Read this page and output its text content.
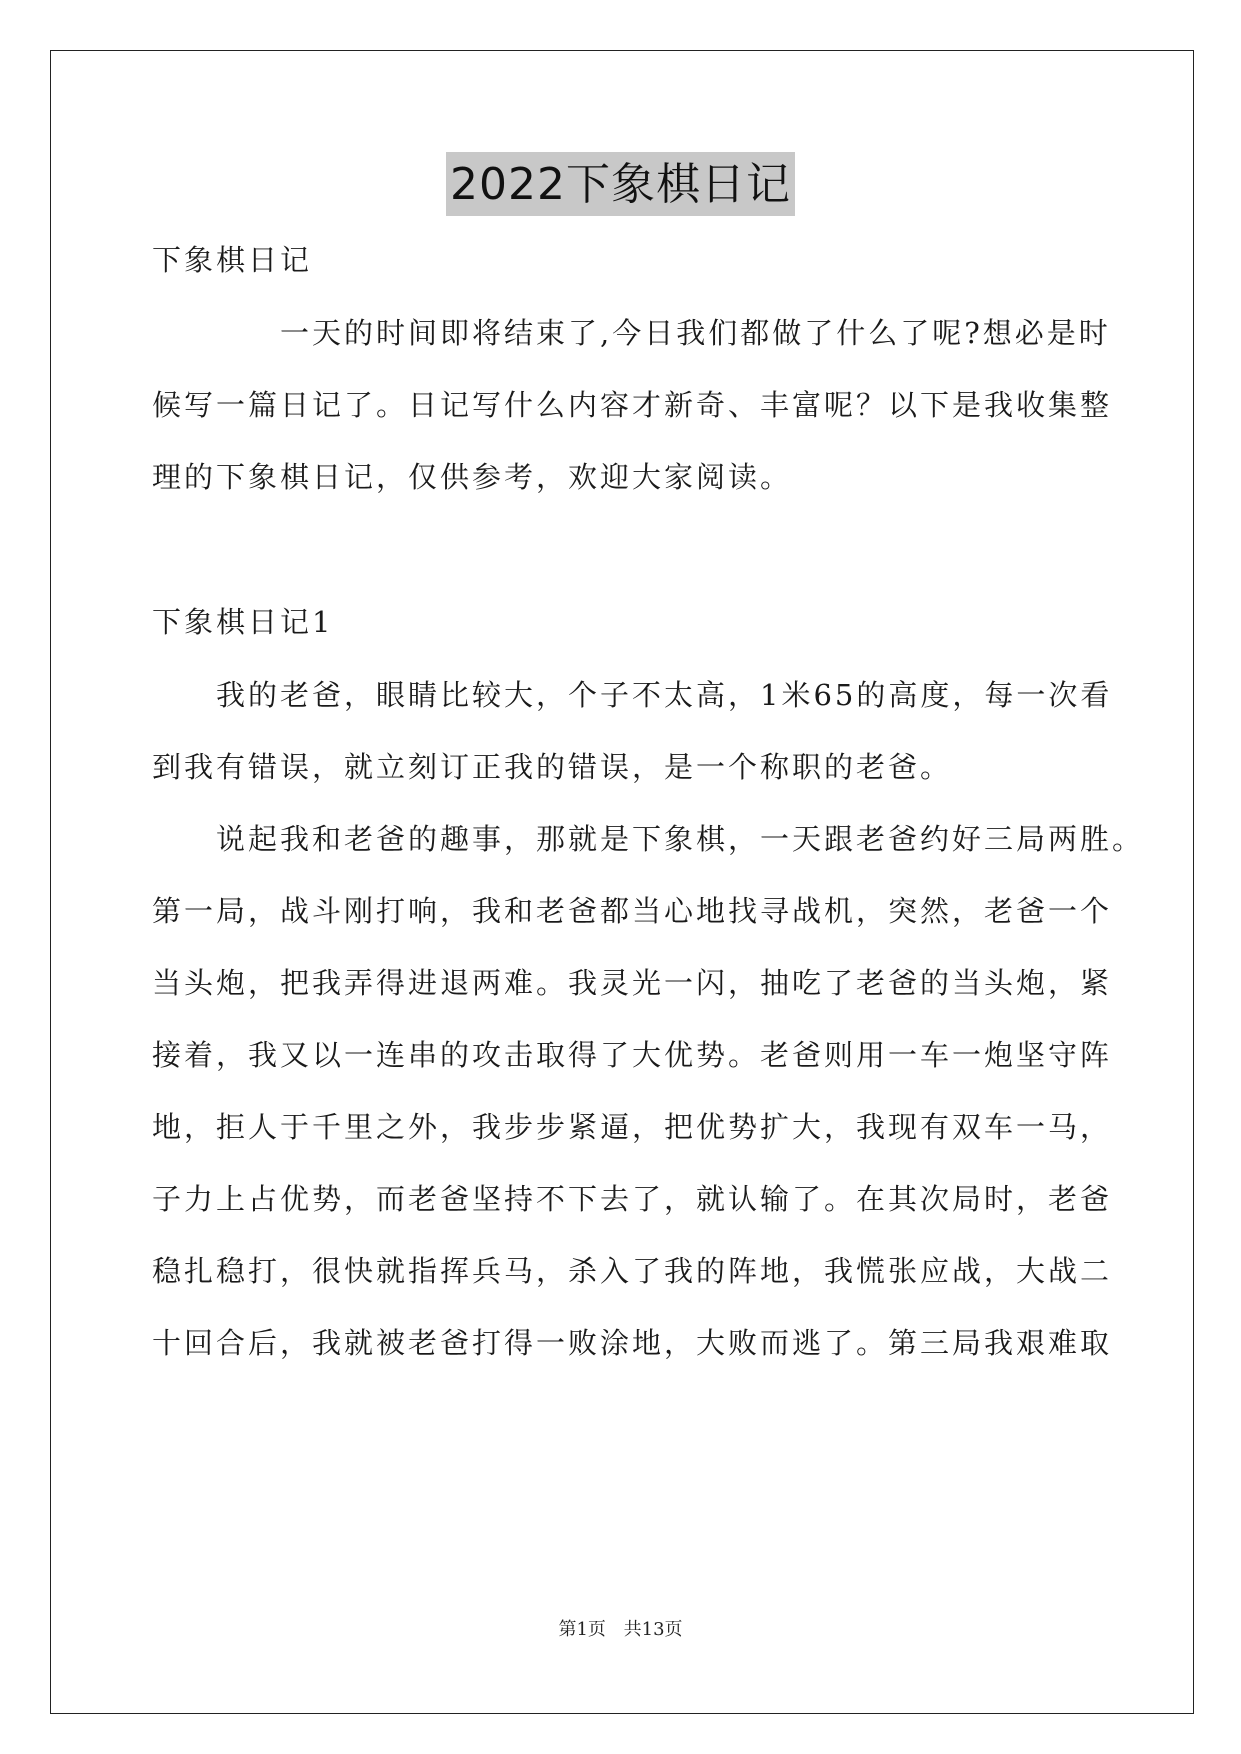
2022下象棋日记
下象棋日记
一天的时间即将结束了,今日我们都做了什么了呢?想必是时
候写一篇日记了。日记写什么内容才新奇、丰富呢？以下是我收集整
理的下象棋日记，仅供参考，欢迎大家阅读。
下象棋日记1
我的老爸，眼睛比较大，个子不太高，1米65的高度，每一次看
到我有错误，就立刻订正我的错误，是一个称职的老爸。
说起我和老爸的趣事，那就是下象棋，一天跟老爸约好三局两胜。
第一局，战斗刚打响，我和老爸都当心地找寻战机，突然，老爸一个
当头炮，把我弄得进退两难。我灵光一闪，抽吃了老爸的当头炮，紧
接着，我又以一连串的攻击取得了大优势。老爸则用一车一炮坚守阵
地，拒人于千里之外，我步步紧逼，把优势扩大，我现有双车一马，
子力上占优势，而老爸坚持不下去了，就认输了。在其次局时，老爸
稳扎稳打，很快就指挥兵马，杀入了我的阵地，我慌张应战，大战二
十回合后，我就被老爸打得一败涂地，大败而逃了。第三局我艰难取
第1页 共13页
